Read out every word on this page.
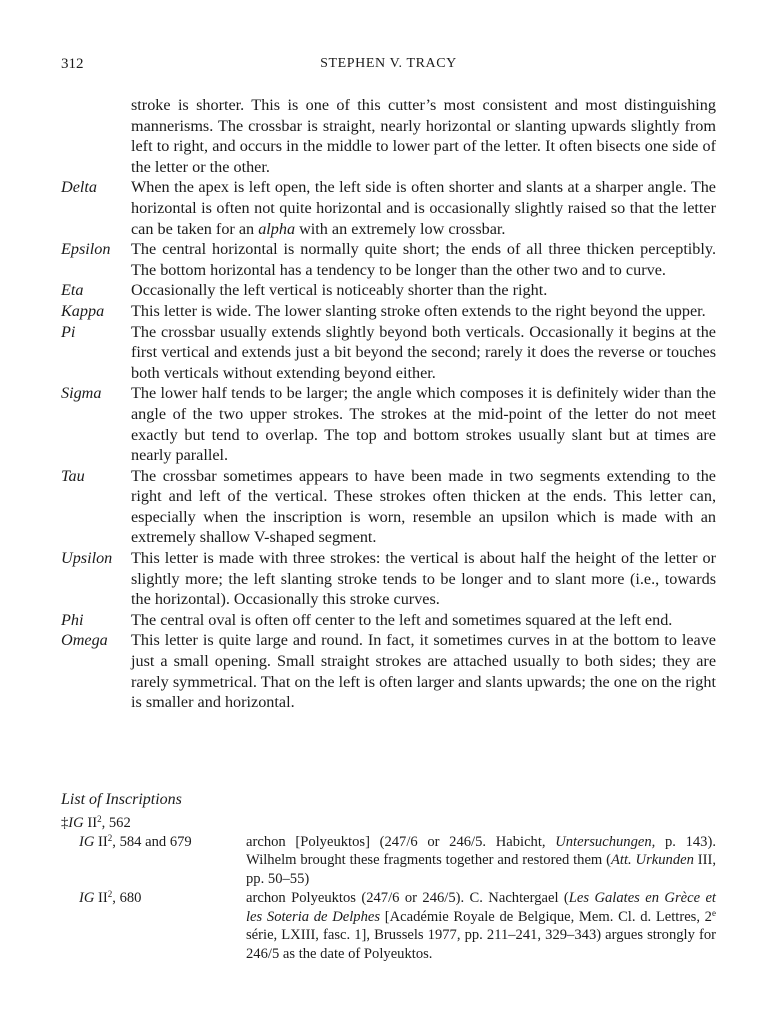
312	STEPHEN V. TRACY
stroke is shorter. This is one of this cutter’s most consistent and most distinguishing mannerisms. The crossbar is straight, nearly horizontal or slanting upwards slightly from left to right, and occurs in the middle to lower part of the letter. It often bisects one side of the letter or the other.
Delta	When the apex is left open, the left side is often shorter and slants at a sharper angle. The horizontal is often not quite horizontal and is occasionally slightly raised so that the letter can be taken for an alpha with an extremely low crossbar.
Epsilon	The central horizontal is normally quite short; the ends of all three thicken perceptibly. The bottom horizontal has a tendency to be longer than the other two and to curve.
Eta	Occasionally the left vertical is noticeably shorter than the right.
Kappa	This letter is wide. The lower slanting stroke often extends to the right beyond the upper.
Pi	The crossbar usually extends slightly beyond both verticals. Occasionally it begins at the first vertical and extends just a bit beyond the second; rarely it does the reverse or touches both verticals without extending beyond either.
Sigma	The lower half tends to be larger; the angle which composes it is definitely wider than the angle of the two upper strokes. The strokes at the mid-point of the letter do not meet exactly but tend to overlap. The top and bottom strokes usually slant but at times are nearly parallel.
Tau	The crossbar sometimes appears to have been made in two segments extending to the right and left of the vertical. These strokes often thicken at the ends. This letter can, especially when the inscription is worn, resemble an upsilon which is made with an extremely shallow V-shaped segment.
Upsilon	This letter is made with three strokes: the vertical is about half the height of the letter or slightly more; the left slanting stroke tends to be longer and to slant more (i.e., towards the horizontal). Occasionally this stroke curves.
Phi	The central oval is often off center to the left and sometimes squared at the left end.
Omega	This letter is quite large and round. In fact, it sometimes curves in at the bottom to leave just a small opening. Small straight strokes are attached usually to both sides; they are rarely symmetrical. That on the left is often larger and slants upwards; the one on the right is smaller and horizontal.
List of Inscriptions
‡IG $II^2$, 562
IG $II^2$, 584 and 679	archon [Polyeuktos] (247/6 or 246/5. Habicht, Untersuchungen, p. 143). Wilhelm brought these fragments together and restored them (Att. Urkunden III, pp. 50–55)
IG $II^2$, 680	archon Polyeuktos (247/6 or 246/5). C. Nachtergael (Les Galates en Grèce et les Soteria de Delphes [Académie Royale de Belgique, Mem. Cl. d. Lettres, 2e série, LXIII, fasc. 1], Brussels 1977, pp. 211–241, 329–343) argues strongly for 246/5 as the date of Polyeuktos.
